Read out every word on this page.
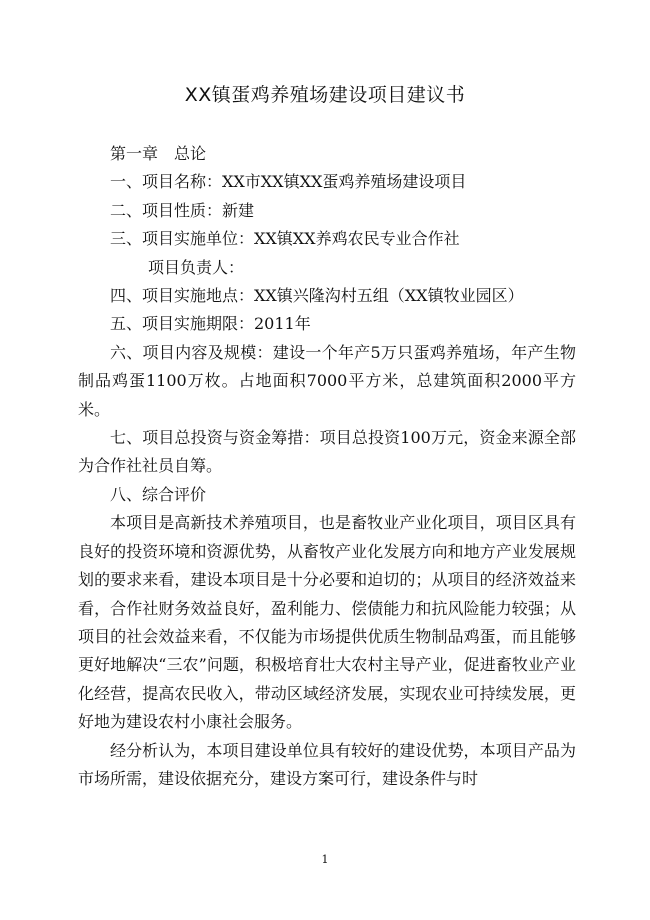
XX镇蛋鸡养殖场建设项目建议书

第一章　总论

一、项目名称：XX市XX镇XX蛋鸡养殖场建设项目

二、项目性质：新建

三、项目实施单位：XX镇XX养鸡农民专业合作社

项目负责人：

四、项目实施地点：XX镇兴隆沟村五组（XX镇牧业园区）

五、项目实施期限：2011年

六、项目内容及规模：建设一个年产5万只蛋鸡养殖场，年产生物制品鸡蛋1100万枚。占地面积7000平方米，总建筑面积2000平方米。

七、项目总投资与资金筹措：项目总投资100万元，资金来源全部为合作社社员自筹。

八、综合评价

本项目是高新技术养殖项目，也是畜牧业产业化项目，项目区具有良好的投资环境和资源优势，从畜牧产业化发展方向和地方产业发展规划的要求来看，建设本项目是十分必要和迫切的；从项目的经济效益来看，合作社财务效益良好，盈利能力、偿债能力和抗风险能力较强；从项目的社会效益来看，不仅能为市场提供优质生物制品鸡蛋，而且能够更好地解决“三农”问题，积极培育壮大农村主导产业，促进畜牧业产业化经营，提高农民收入，带动区域经济发展，实现农业可持续发展，更好地为建设农村小康社会服务。

经分析认为，本项目建设单位具有较好的建设优势，本项目产品为市场所需，建设依据充分，建设方案可行，建设条件与时

1
